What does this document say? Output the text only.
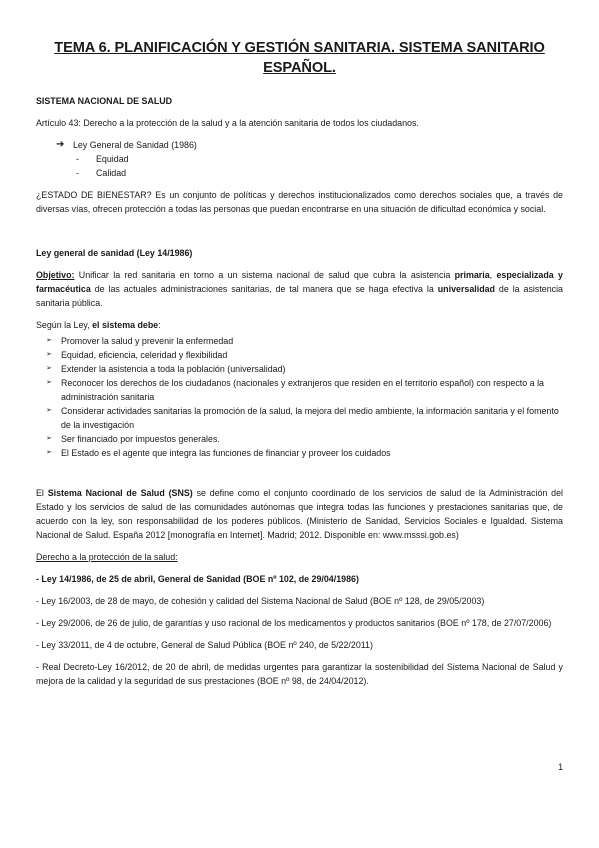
TEMA 6. PLANIFICACIÓN Y GESTIÓN SANITARIA. SISTEMA SANITARIO ESPAÑOL.

SISTEMA NACIONAL DE SALUD

Artículo 43: Derecho a la protección de la salud y a la atención sanitaria de todos los ciudadanos.

➔ Ley General de Sanidad (1986)
-	Equidad
-	Calidad

¿ESTADO DE BIENESTAR? Es un conjunto de políticas y derechos institucionalizados como derechos sociales que, a través de diversas vías, ofrecen protección a todas las personas que puedan encontrarse en una situación de dificultad económica y social.

Ley general de sanidad (Ley 14/1986)

Objetivo: Unificar la red sanitaria en torno a un sistema nacional de salud que cubra la asistencia primaria, especializada y farmacéutica de las actuales administraciones sanitarias, de tal manera que se haga efectiva la universalidad de la asistencia sanitaria pública.

Según la Ley, el sistema debe:

➢	Promover la salud y prevenir la enfermedad
➢	Equidad, eficiencia, celeridad y flexibilidad
➢	Extender la asistencia a toda la población (universalidad)
➢	Reconocer los derechos de los ciudadanos (nacionales y extranjeros que residen en el territorio español) con respecto a la administración sanitaria
➢	Considerar actividades sanitarias la promoción de la salud, la mejora del medio ambiente, la información sanitaria y el fomento de la investigación
➢	Ser financiado por impuestos generales.
➢	El Estado es el agente que integra las funciones de financiar y proveer los cuidados

El Sistema Nacional de Salud (SNS) se define como el conjunto coordinado de los servicios de salud de la Administración del Estado y los servicios de salud de las comunidades autónomas que integra todas las funciones y prestaciones sanitarias que, de acuerdo con la ley, son responsabilidad de los poderes públicos. (Ministerio de Sanidad, Servicios Sociales e Igualdad. Sistema Nacional de Salud. España 2012 [monografía en Internet]. Madrid; 2012. Disponible en: www.msssi.gob.es)

Derecho a la protección de la salud:

- Ley 14/1986, de 25 de abril, General de Sanidad (BOE nº 102, de 29/04/1986)

- Ley 16/2003, de 28 de mayo, de cohesión y calidad del Sistema Nacional de Salud (BOE nº 128, de 29/05/2003)

- Ley 29/2006, de 26 de julio, de garantías y uso racional de los medicamentos y productos sanitarios (BOE nº 178, de 27/07/2006)

- Ley 33/2011, de 4 de octubre, General de Salud Pública (BOE nº 240, de 5/22/2011)

- Real Decreto-Ley 16/2012, de 20 de abril, de medidas urgentes para garantizar la sostenibilidad del Sistema Nacional de Salud y mejora de la calidad y la seguridad de sus prestaciones (BOE nº 98, de 24/04/2012).

1
